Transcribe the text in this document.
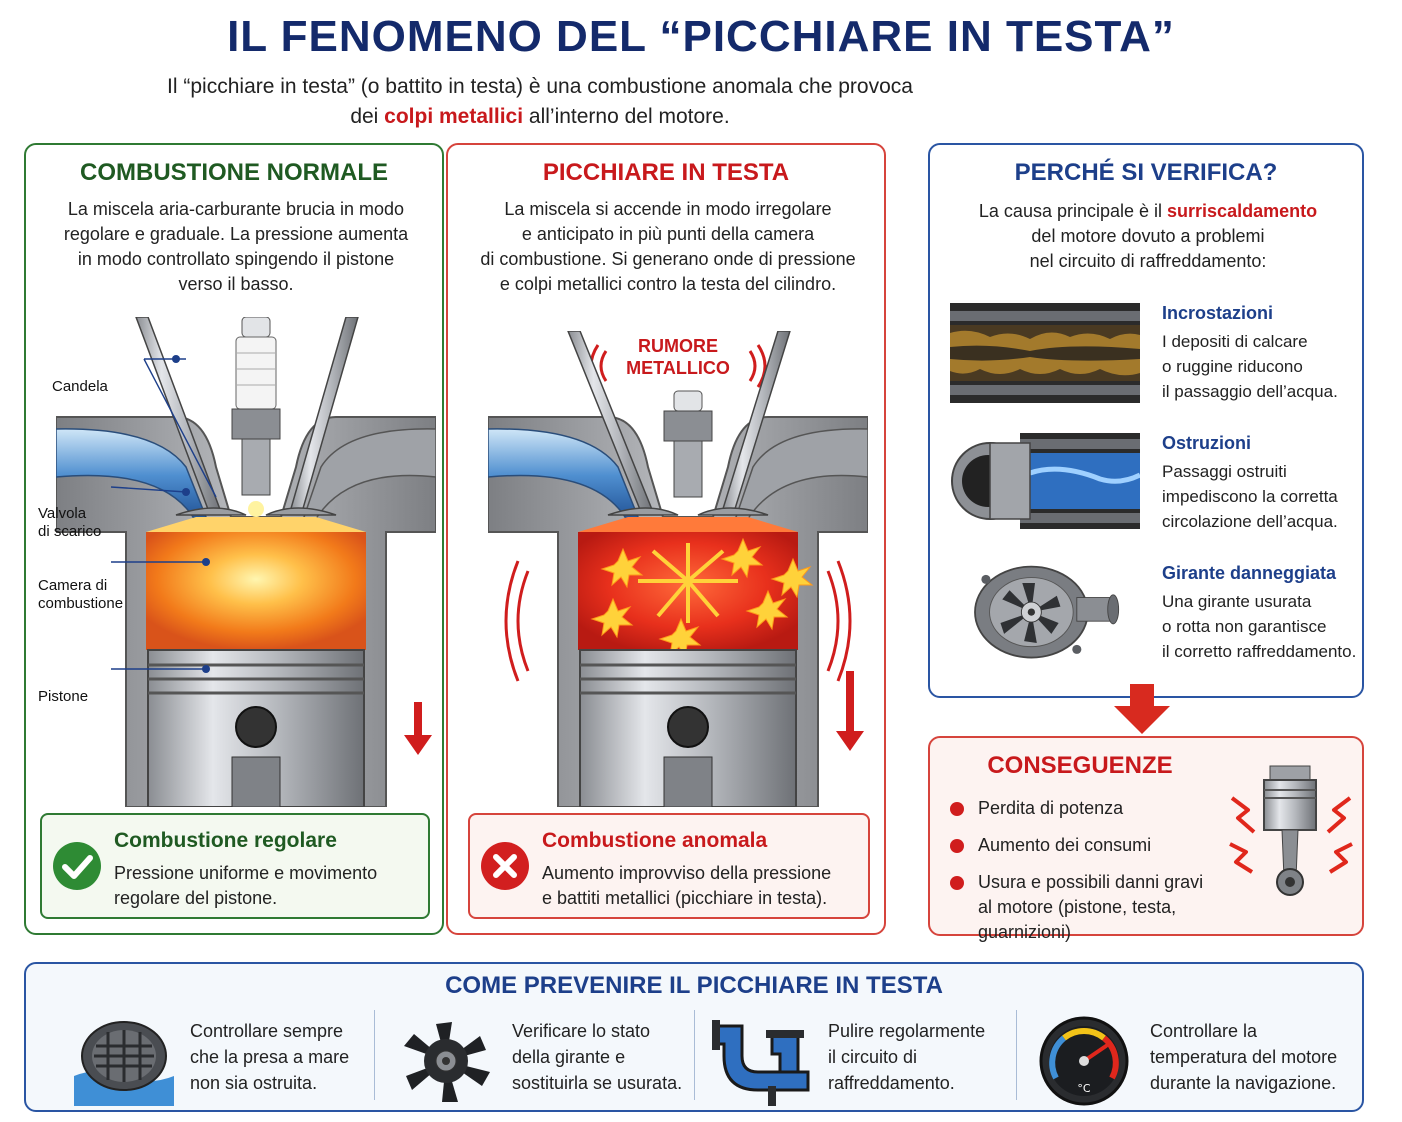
IL FENOMENO DEL “PICCHIARE IN TESTA”
Il “picchiare in testa” (o battito in testa) è una combustione anomala che provoca
dei colpi metallici all’interno del motore.
COMBUSTIONE NORMALE
La miscela aria-carburante brucia in modo
regolare e graduale. La pressione aumenta
in modo controllato spingendo il pistone
verso il basso.
Candela
Valvola
di scarico
Camera di
combustione
Pistone
Combustione regolare
Pressione uniforme e movimento
regolare del pistone.
PICCHIARE IN TESTA
La miscela si accende in modo irregolare
e anticipato in più punti della camera
di combustione. Si generano onde di pressione
e colpi metallici contro la testa del cilindro.
RUMORE
METALLICO
Combustione anomala
Aumento improvviso della pressione
e battiti metallici (picchiare in testa).
PERCHÉ SI VERIFICA?
La causa principale è il surriscaldamento
del motore dovuto a problemi
nel circuito di raffreddamento:
Incrostazioni
I depositi di calcare
o ruggine riducono
il passaggio dell’acqua.
Ostruzioni
Passaggi ostruiti
impediscono la corretta
circolazione dell’acqua.
Girante danneggiata
Una girante usurata
o rotta non garantisce
il corretto raffreddamento.
CONSEGUENZE
Perdita di potenza
Aumento dei consumi
Usura e possibili danni gravi
al motore (pistone, testa, guarnizioni)
COME PREVENIRE IL PICCHIARE IN TESTA
Controllare sempre
che la presa a mare
non sia ostruita.
Verificare lo stato
della girante e
sostituirla se usurata.
Pulire regolarmente
il circuito di
raffreddamento.	°C
Controllare la
temperatura del motore
durante la navigazione.
